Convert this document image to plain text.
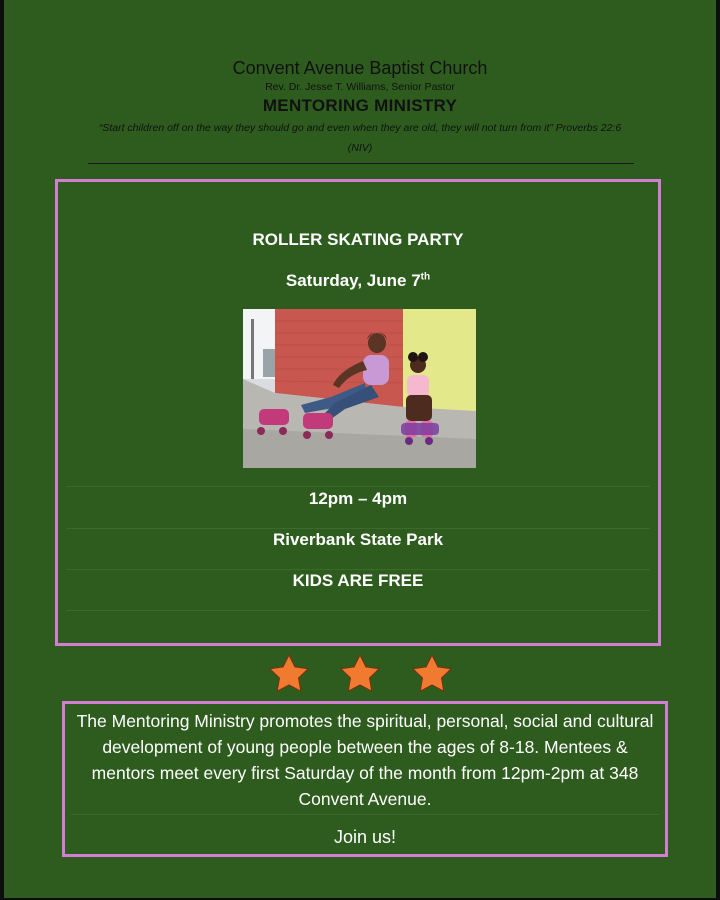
Convent Avenue Baptist Church

Rev. Dr. Jesse T. Williams, Senior Pastor

MENTORING MINISTRY

“Start children off on the way they should go and even when they are old, they will not turn from it” Proverbs 22:6 (NIV)

ROLLER SKATING PARTY

Saturday, June 7th

12pm – 4pm

Riverbank State Park

KIDS ARE FREE

The Mentoring Ministry promotes the spiritual, personal, social and cultural development of young people between the ages of 8-18. Mentees & mentors meet every first Saturday of the month from 12pm-2pm at 348 Convent Avenue.

Join us!
